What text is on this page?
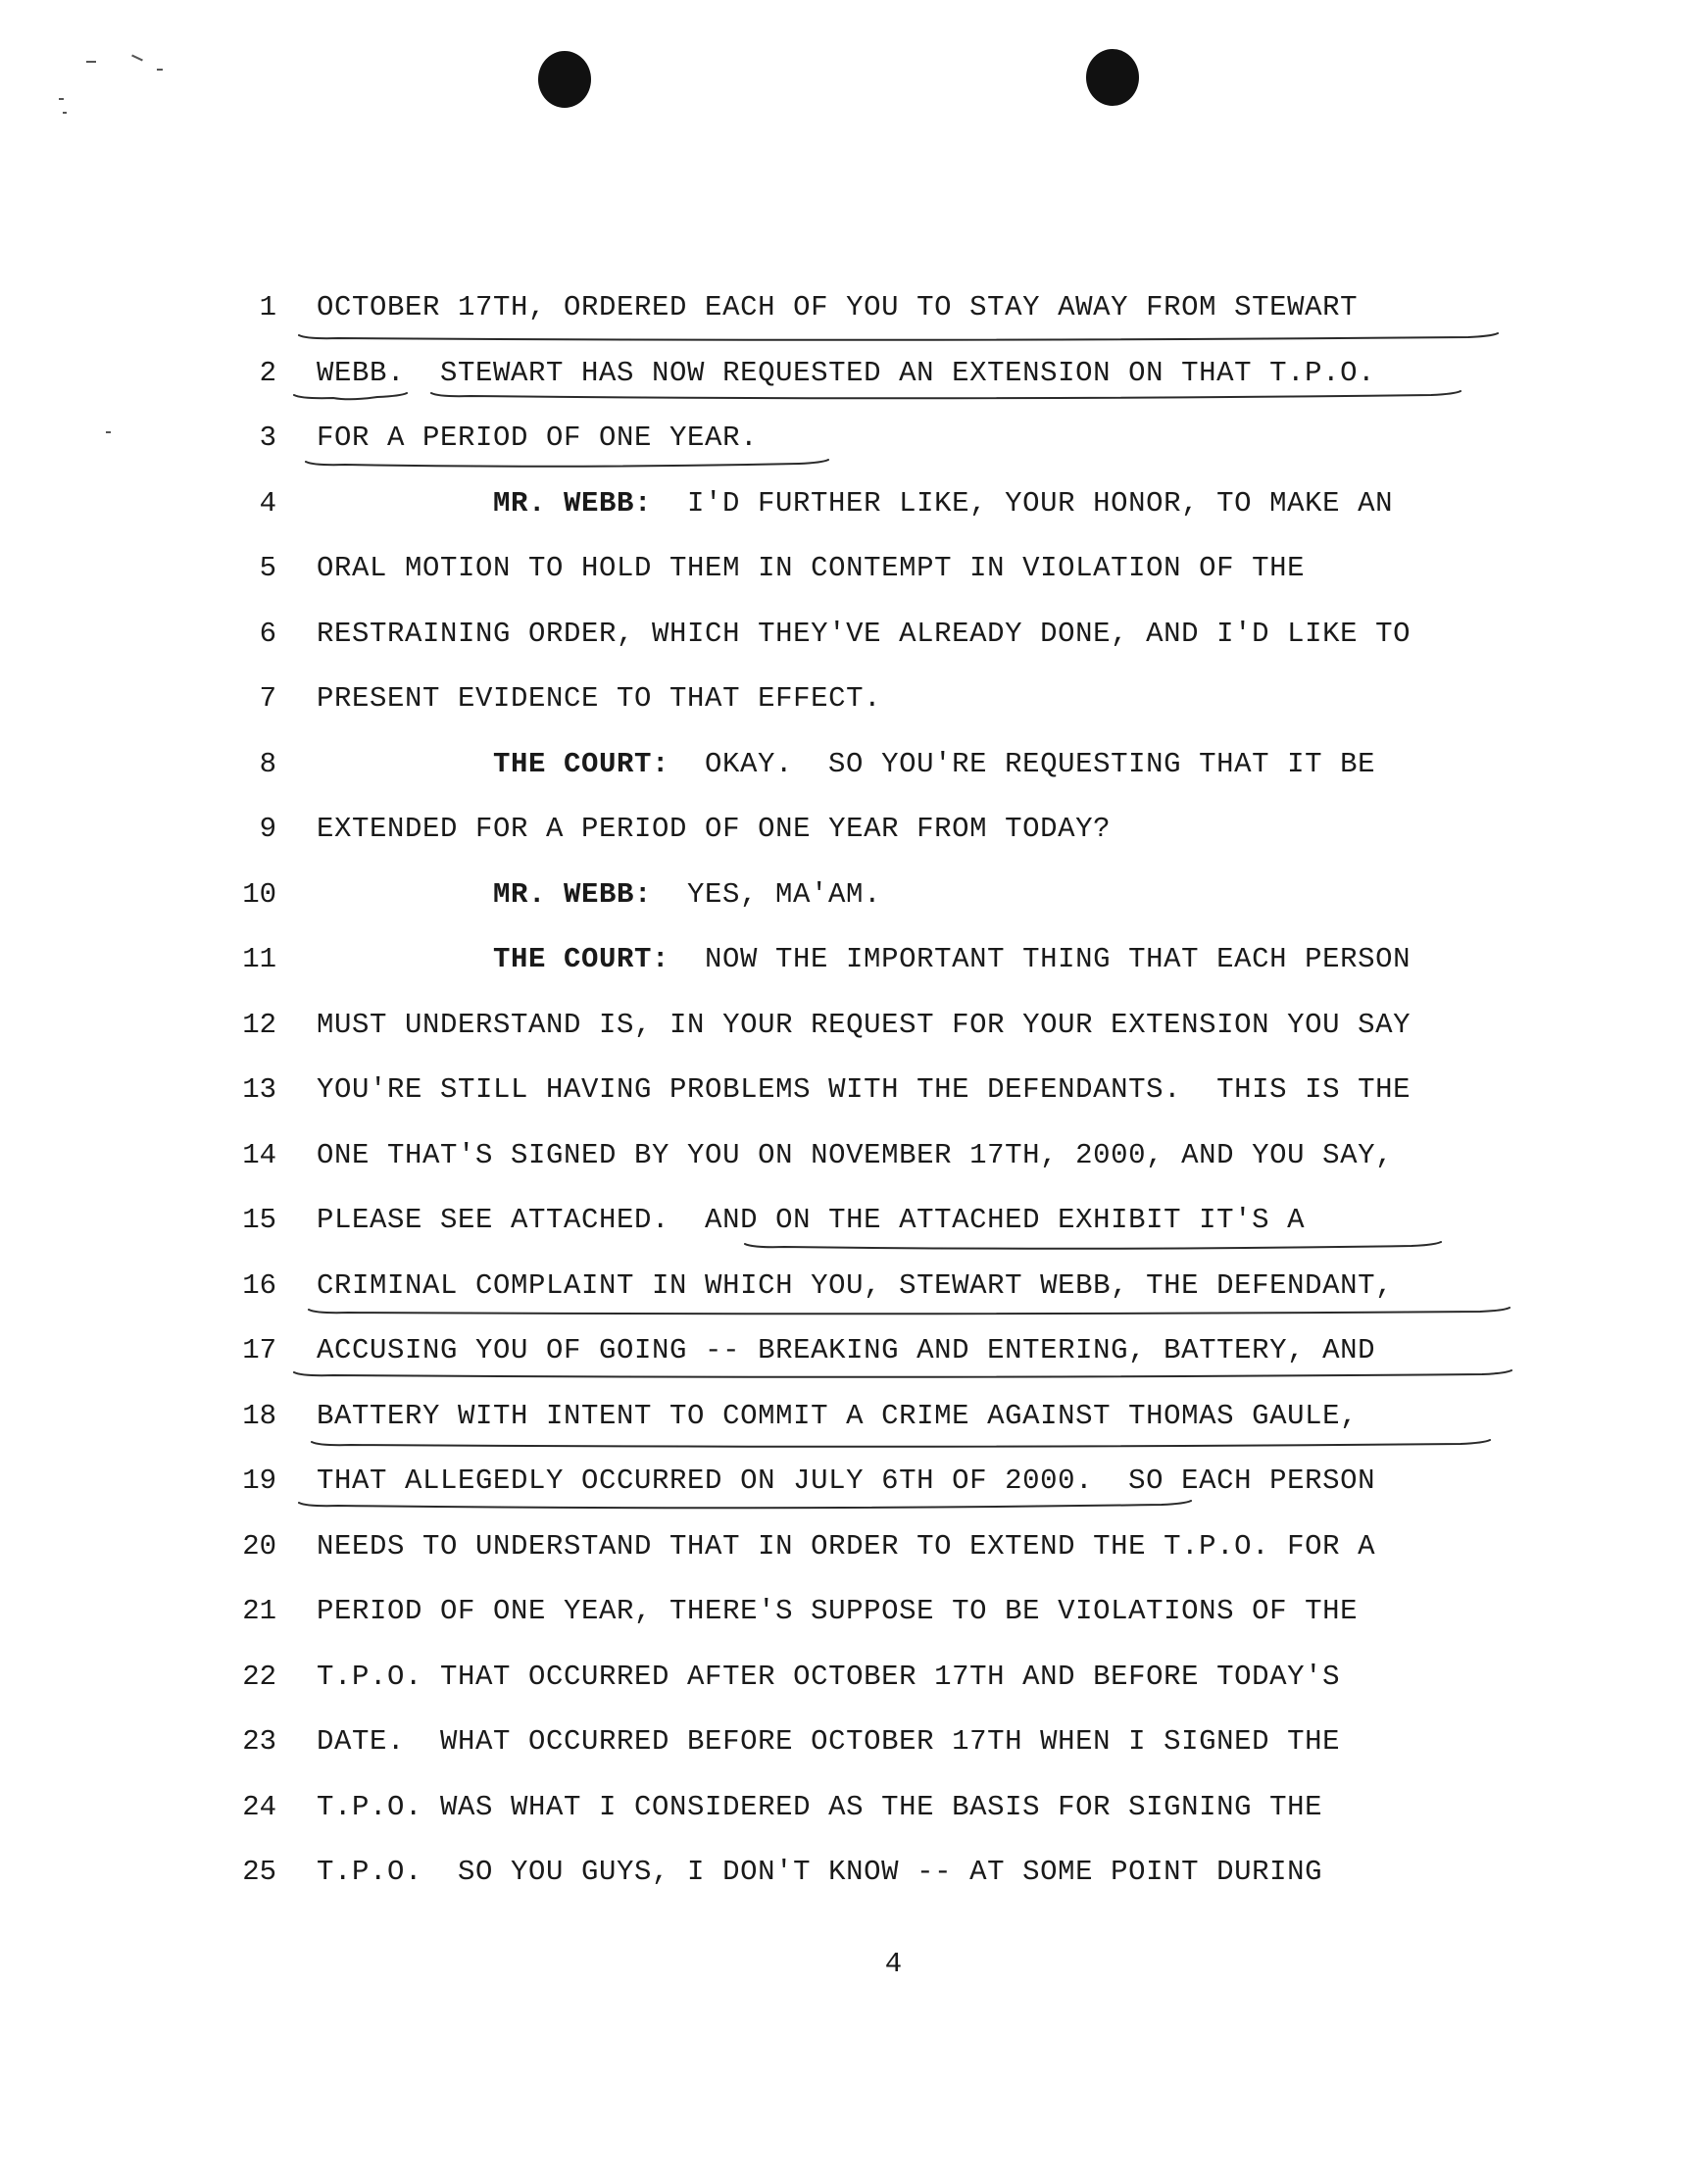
1 OCTOBER 17TH, ORDERED EACH OF YOU TO STAY AWAY FROM STEWART
2 WEBB.  STEWART HAS NOW REQUESTED AN EXTENSION ON THAT T.P.O.
3 FOR A PERIOD OF ONE YEAR.
4	MR. WEBB:  I'D FURTHER LIKE, YOUR HONOR, TO MAKE AN
5 ORAL MOTION TO HOLD THEM IN CONTEMPT IN VIOLATION OF THE
6 RESTRAINING ORDER, WHICH THEY'VE ALREADY DONE, AND I'D LIKE TO
7 PRESENT EVIDENCE TO THAT EFFECT.
8	THE COURT:  OKAY.  SO YOU'RE REQUESTING THAT IT BE
9 EXTENDED FOR A PERIOD OF ONE YEAR FROM TODAY?
10	MR. WEBB:  YES, MA'AM.
11	THE COURT:  NOW THE IMPORTANT THING THAT EACH PERSON
12 MUST UNDERSTAND IS, IN YOUR REQUEST FOR YOUR EXTENSION YOU SAY
13 YOU'RE STILL HAVING PROBLEMS WITH THE DEFENDANTS.  THIS IS THE
14 ONE THAT'S SIGNED BY YOU ON NOVEMBER 17TH, 2000, AND YOU SAY,
15 PLEASE SEE ATTACHED.  AND ON THE ATTACHED EXHIBIT IT'S A
16 CRIMINAL COMPLAINT IN WHICH YOU, STEWART WEBB, THE DEFENDANT,
17 ACCUSING YOU OF GOING -- BREAKING AND ENTERING, BATTERY, AND
18 BATTERY WITH INTENT TO COMMIT A CRIME AGAINST THOMAS GAULE,
19 THAT ALLEGEDLY OCCURRED ON JULY 6TH OF 2000.  SO EACH PERSON
20 NEEDS TO UNDERSTAND THAT IN ORDER TO EXTEND THE T.P.O. FOR A
21 PERIOD OF ONE YEAR, THERE'S SUPPOSE TO BE VIOLATIONS OF THE
22 T.P.O. THAT OCCURRED AFTER OCTOBER 17TH AND BEFORE TODAY'S
23 DATE.  WHAT OCCURRED BEFORE OCTOBER 17TH WHEN I SIGNED THE
24 T.P.O. WAS WHAT I CONSIDERED AS THE BASIS FOR SIGNING THE
25 T.P.O.  SO YOU GUYS, I DON'T KNOW -- AT SOME POINT DURING
4
